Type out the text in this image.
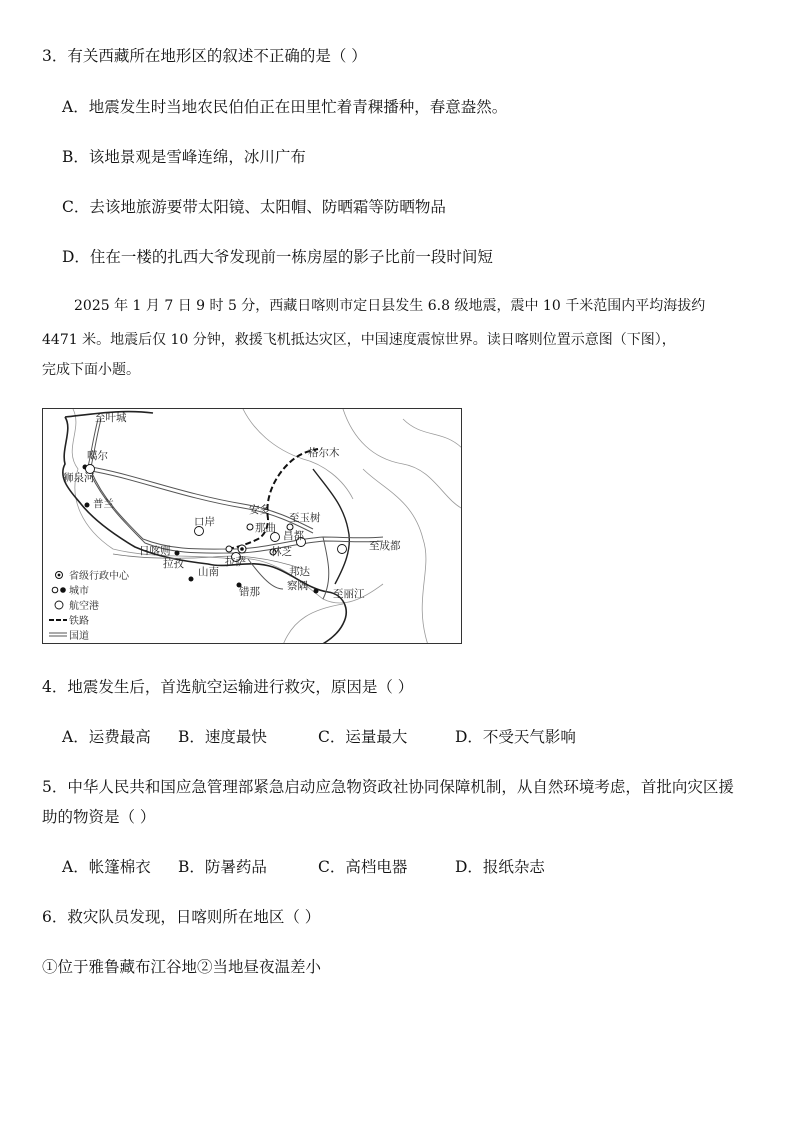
3．有关西藏所在地形区的叙述不正确的是（ ）
A．地震发生时当地农民伯伯正在田里忙着青稞播种，春意盎然。
B．该地景观是雪峰连绵，冰川广布
C．去该地旅游要带太阳镜、太阳帽、防晒霜等防晒物品
D．住在一楼的扎西大爷发现前一栋房屋的影子比前一段时间短
2025 年 1 月 7 日 9 时 5 分，西藏日喀则市定日县发生 6.8 级地震，震中 10 千米范围内平均海拔约
4471 米。地震后仅 10 分钟，救援飞机抵达灾区，中国速度震惊世界。读日喀则位置示意图（下图），
完成下面小题。
至叶城
格尔木
噶尔
狮泉河
普兰
口岸
安多
那曲
至玉树
昌都
至成都
拉萨
林芝
日喀则
拉孜
山南
错那
邦达
察隅
至丽江
省级行政中心
城市
航空港
铁路
国道
4．地震发生后，首选航空运输进行救灾，原因是（ ）
A．运费最高 B．速度最快	C．运量最大	D．不受天气影响
5．中华人民共和国应急管理部紧急启动应急物资政社协同保障机制，从自然环境考虑，首批向灾区援
助的物资是（ ）
A．帐篷棉衣 B．防暑药品	C．高档电器	D．报纸杂志
6．救灾队员发现，日喀则所在地区（ ）
①位于雅鲁藏布江谷地②当地昼夜温差小
